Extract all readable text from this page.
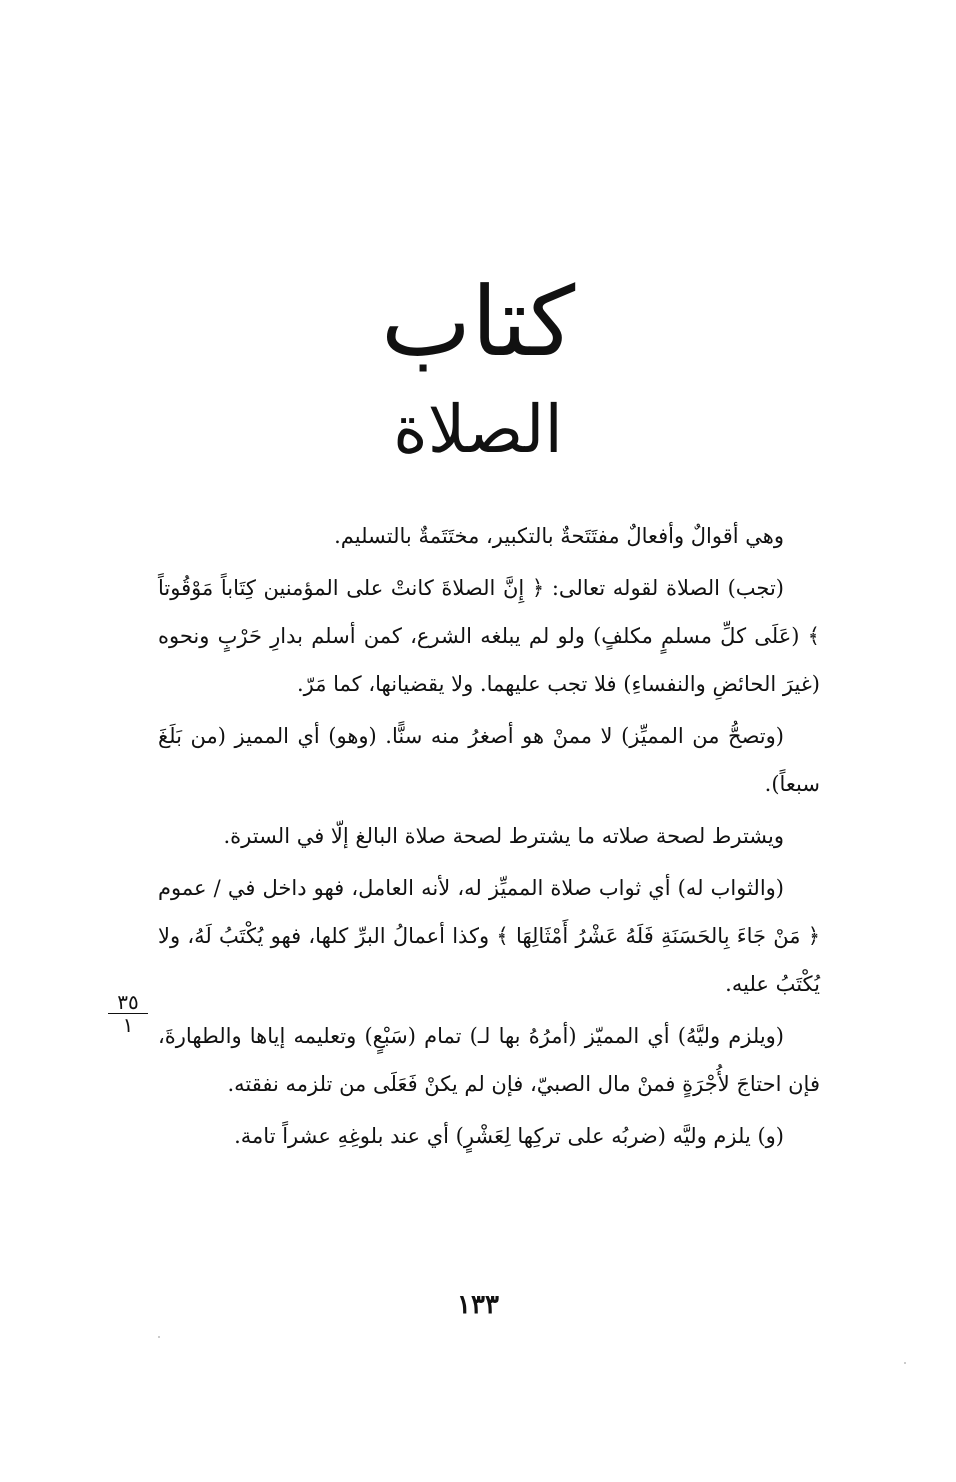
كتاب
الصلاة

وهي أقوالٌ وأفعالٌ مفتَتَحةٌ بالتكبير، مختَتَمةٌ بالتسليم.

(تجب) الصلاة لقوله تعالى: ﴿ إِنَّ الصلاةَ كانتْ على المؤمنين كِتَاباً مَوْقُوتاً ﴾ (عَلَى كلِّ مسلمٍ مكلفٍ) ولو لم يبلغه الشرع، كمن أسلم بدارِ حَرْبٍ ونحوه (غيرَ الحائضِ والنفساءِ) فلا تجب عليهما. ولا يقضيانها، كما مَرّ.

(وتصحُّ من المميِّز) لا ممنْ هو أصغرُ منه سنًّا. (وهو) أي المميز (من بَلَغَ سبعاً).

ويشترط لصحة صلاته ما يشترط لصحة صلاة البالغ إلّا في السترة.

(والثواب له) أي ثواب صلاة المميِّز له، لأنه العامل، فهو داخل في / عموم ﴿ مَنْ جَاءَ بِالحَسَنَةِ فَلَهُ عَشْرُ أَمْثَالِهَا ﴾ وكذا أعمالُ البرِّ كلها، فهو يُكْتَبُ لَهُ، ولا يُكْتَبُ عليه.

(ويلزم وليَّهُ) أي المميّز (أمرُهُ بها لـ) تمام (سَبْعٍ) وتعليمه إياها والطهارةَ، فإن احتاجَ لأُجْرَةٍ فمنْ مال الصبيّ، فإن لم يكنْ فَعَلَى من تلزمه نفقته.

(و) يلزم وليَّه (ضربُه على تركِها لِعَشْرٍ) أي عند بلوغِهِ عشراً تامة.

٣٥
١
١٣٣
